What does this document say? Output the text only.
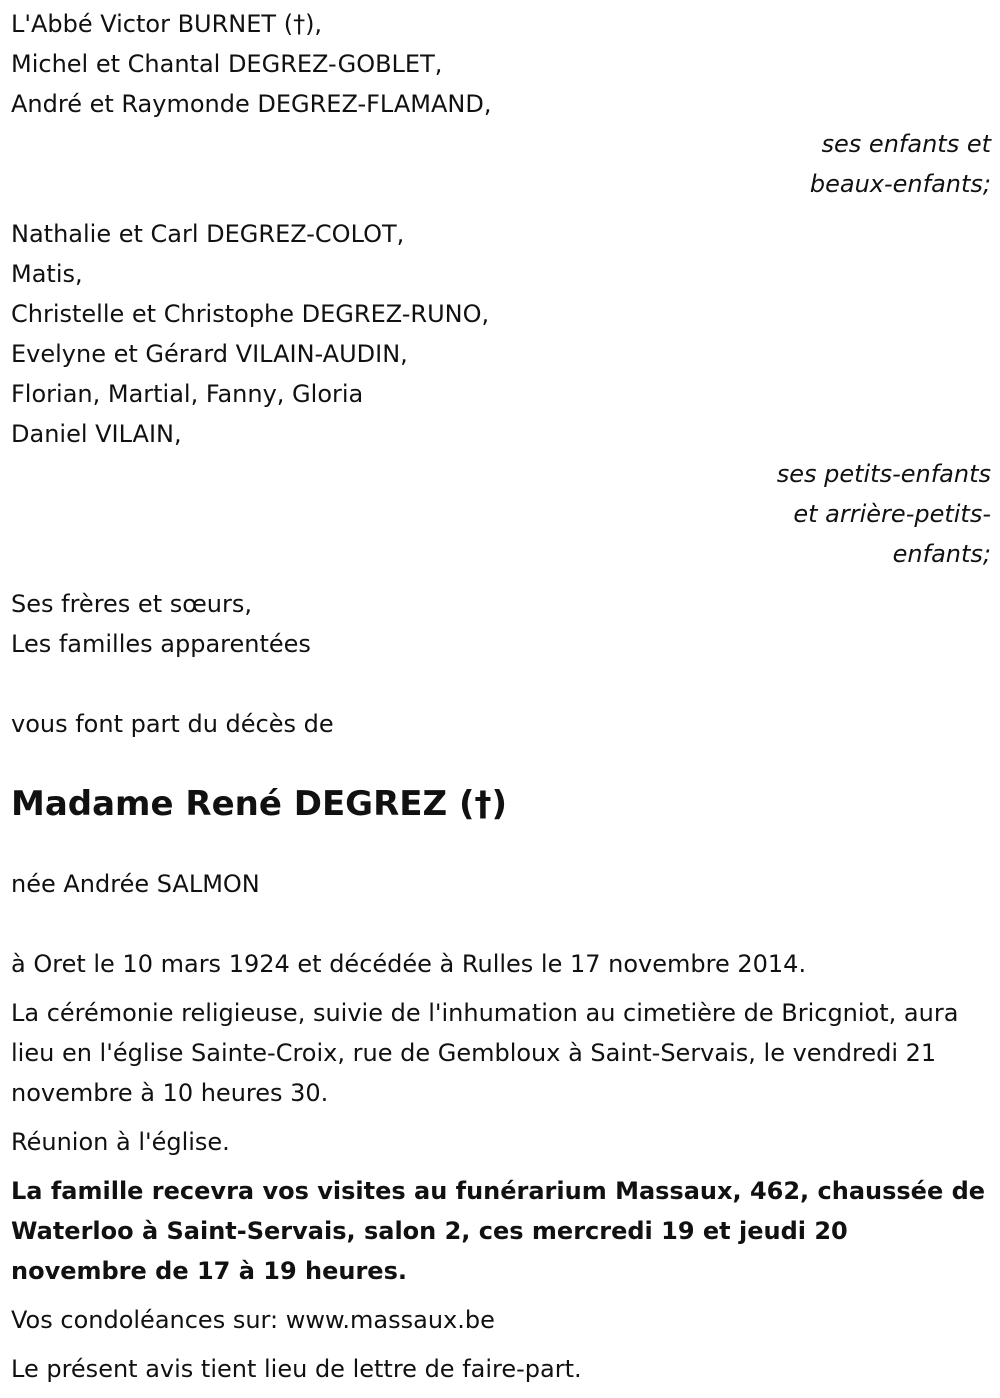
L'Abbé Victor BURNET (†),
Michel et Chantal DEGREZ-GOBLET,
André et Raymonde DEGREZ-FLAMAND,
ses enfants et
beaux-enfants;
Nathalie et Carl DEGREZ-COLOT,
Matis,
Christelle et Christophe DEGREZ-RUNO,
Evelyne et Gérard VILAIN-AUDIN,
Florian, Martial, Fanny, Gloria
Daniel VILAIN,
ses petits-enfants
et arrière-petits-
enfants;
Ses frères et sœurs,
Les familles apparentées
vous font part du décès de
Madame René DEGREZ (†)
née Andrée SALMON

à Oret le 10 mars 1924 et décédée à Rulles le 17 novembre 2014.

La cérémonie religieuse, suivie de l'inhumation au cimetière de Bricgniot, aura lieu en l'église Sainte-Croix, rue de Gembloux à Saint-Servais, le vendredi 21 novembre à 10 heures 30.

Réunion à l'église.

La famille recevra vos visites au funérarium Massaux, 462, chaussée de Waterloo à Saint-Servais, salon 2, ces mercredi 19 et jeudi 20 novembre de 17 à 19 heures.

Vos condoléances sur: www.massaux.be

Le présent avis tient lieu de lettre de faire-part.
